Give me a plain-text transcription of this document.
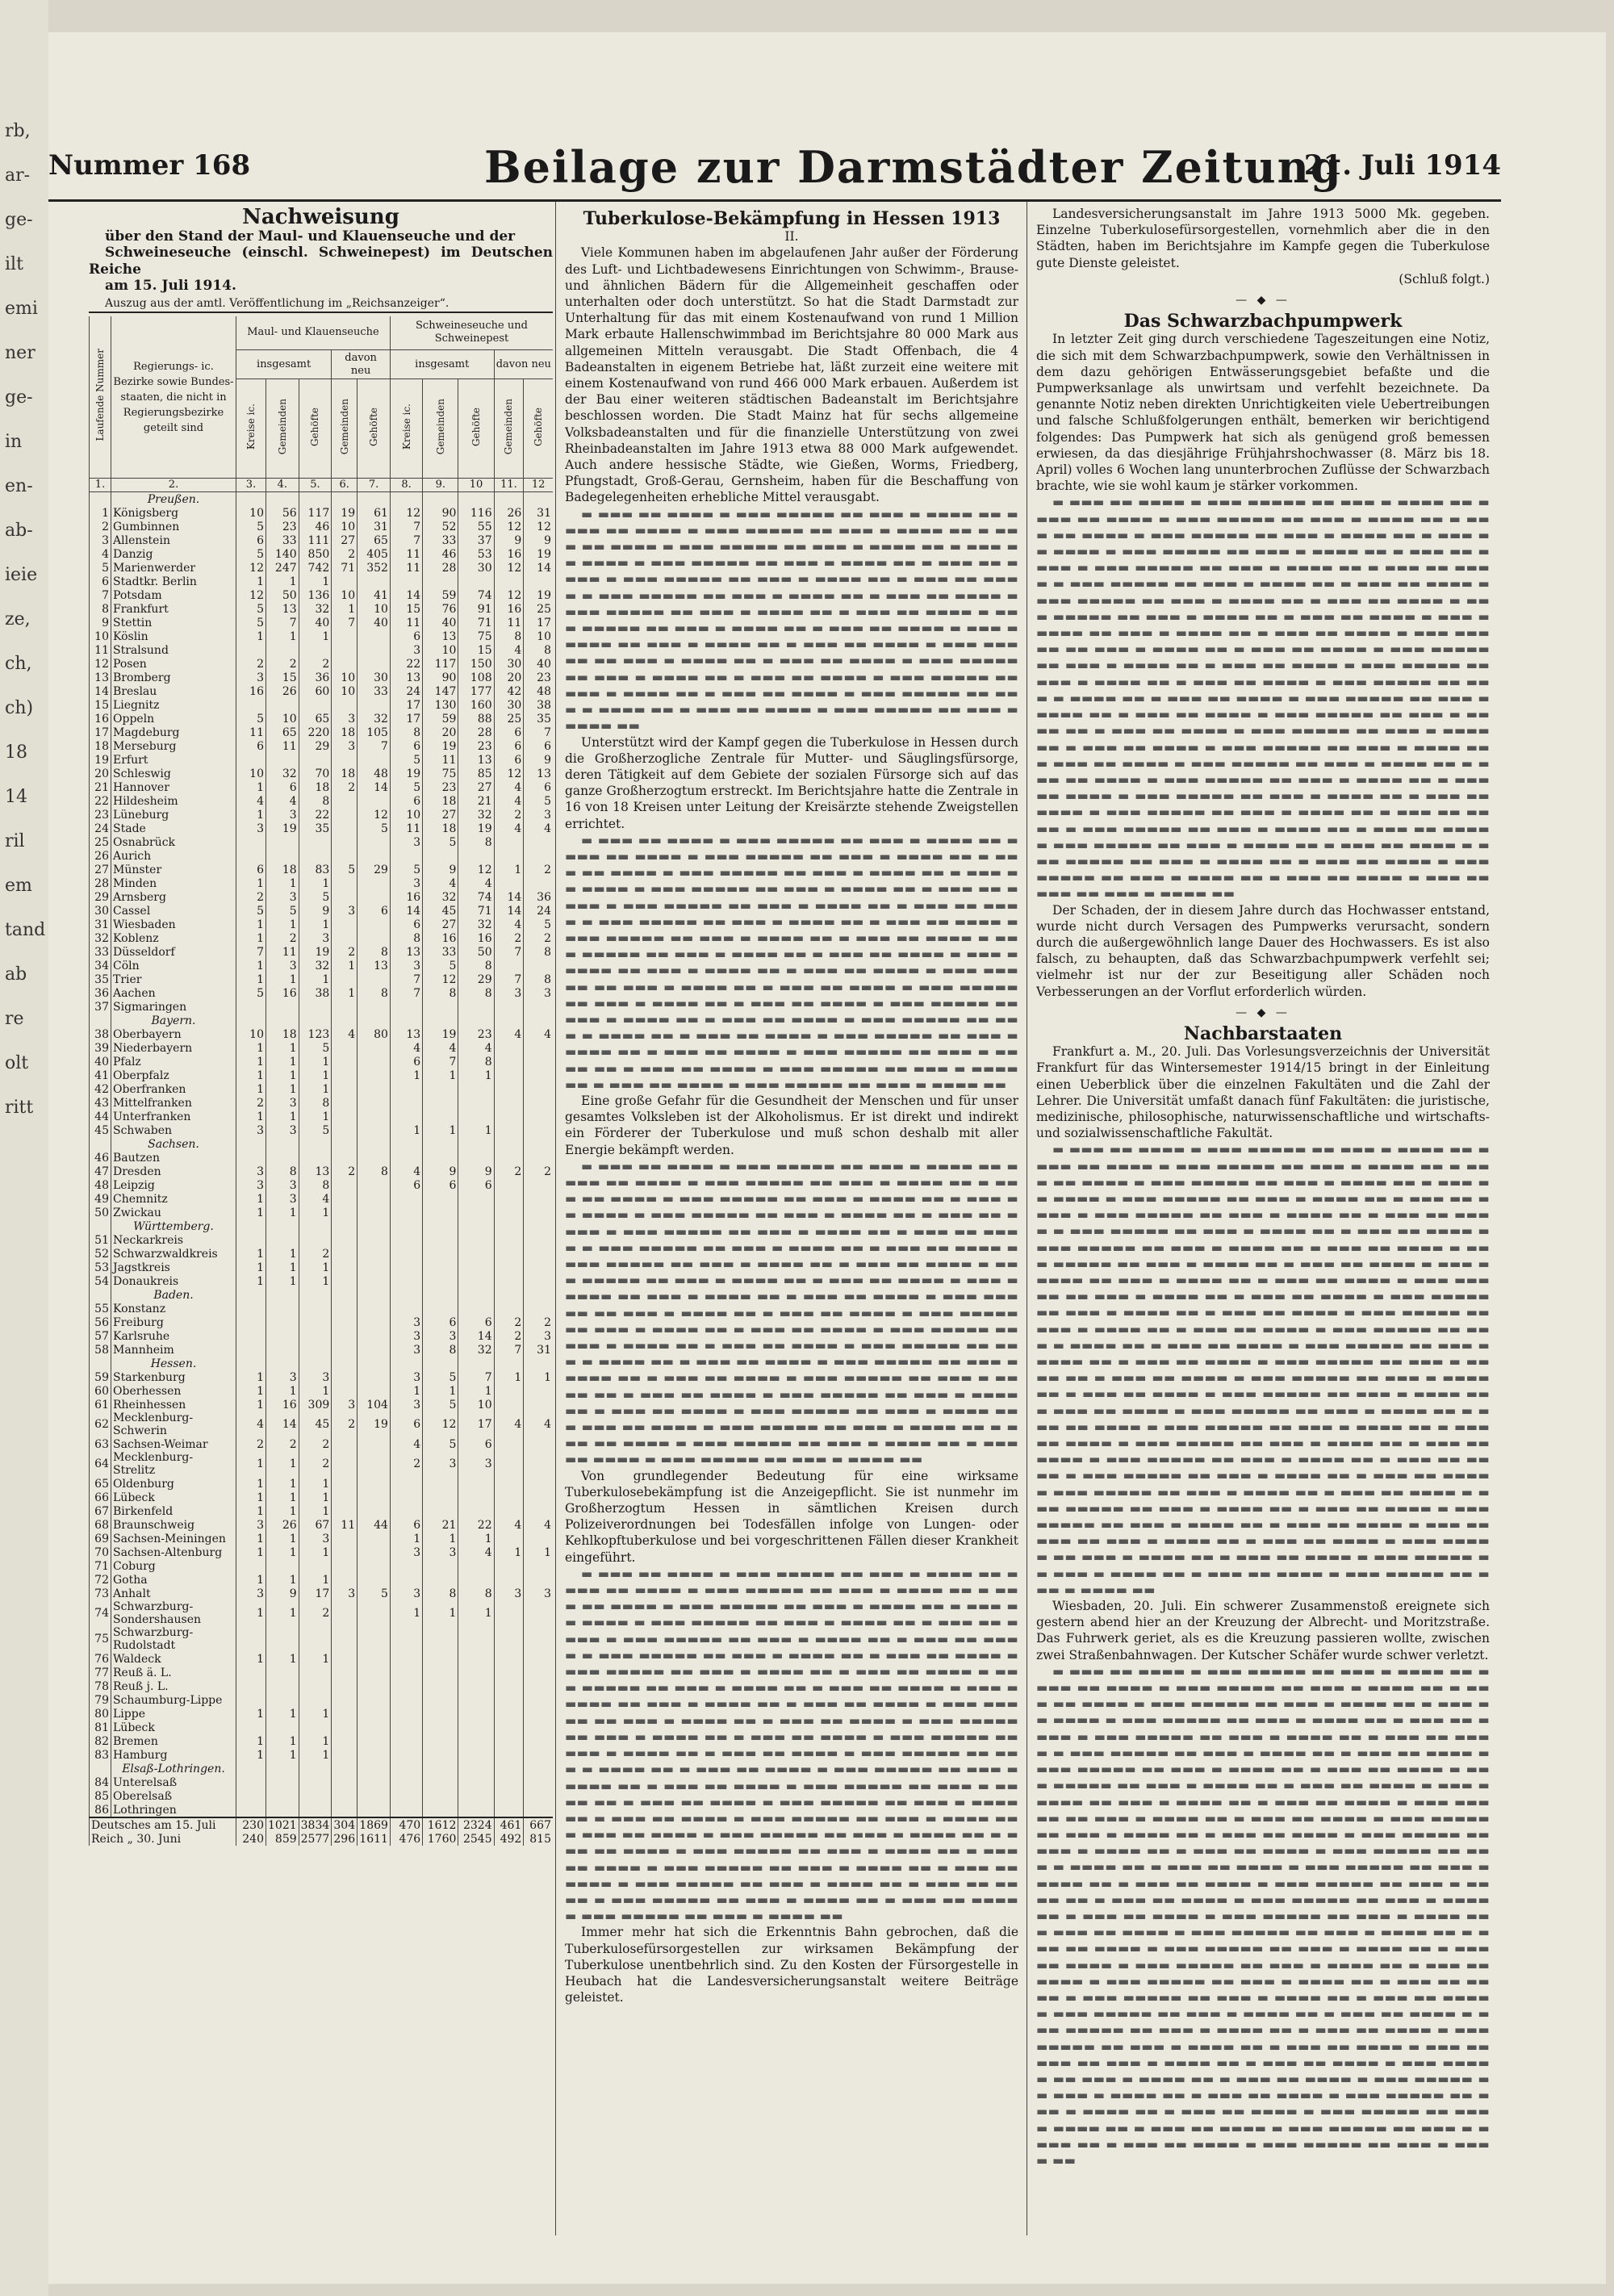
rb,
ar-
ge-
ilt
emi
ner
ge-
in
en-
ab-
ieie
ze,
ch,
ch)
18
14
ril
em
tand
ab
re
olt
ritt
Nummer 168	Beilage zur Darmstädter Zeitung
21. Juli 1914
Nachweisung

über den Stand der Maul- und Klauenseuche und der

Schweineseuche (einschl. Schweinepest) im Deutschen Reiche

am 15. Juli 1914.

Auszug aus der amtl. Veröffentlichung im „Reichsanzeiger“.

Laufende Nummer	Regierungs- ic. Bezirke sowie Bundes- staaten, die nicht in Regierungsbezirke geteilt sind	Maul- und Klauenseuche					Schweineseuche und Schweinepest				
		insgesamt			davon neu		insgesamt			davon neu	
		Kreise ic.	Gemeinden	Gehöfte	Gemeinden	Gehöfte	Kreise ic.	Gemeinden	Gehöfte	Gemeinden	Gehöfte
1.	2.	3.	4.	5.	6.	7.	8.	9.	10	11.	12
	Preußen.										
1	Königsberg	10	56	117	19	61	12	90	116	26	31
2	Gumbinnen	5	23	46	10	31	7	52	55	12	12
3	Allenstein	6	33	111	27	65	7	33	37	9	9
4	Danzig	5	140	850	2	405	11	46	53	16	19
5	Marienwerder	12	247	742	71	352	11	28	30	12	14
6	Stadtkr. Berlin	1	1	1							
7	Potsdam	12	50	136	10	41	14	59	74	12	19
8	Frankfurt	5	13	32	1	10	15	76	91	16	25
9	Stettin	5	7	40	7	40	11	40	71	11	17
10	Köslin	1	1	1			6	13	75	8	10
11	Stralsund						3	10	15	4	8
12	Posen	2	2	2			22	117	150	30	40
13	Bromberg	3	15	36	10	30	13	90	108	20	23
14	Breslau	16	26	60	10	33	24	147	177	42	48
15	Liegnitz						17	130	160	30	38
16	Oppeln	5	10	65	3	32	17	59	88	25	35
17	Magdeburg	11	65	220	18	105	8	20	28	6	7
18	Merseburg	6	11	29	3	7	6	19	23	6	6
19	Erfurt						5	11	13	6	9
20	Schleswig	10	32	70	18	48	19	75	85	12	13
21	Hannover	1	6	18	2	14	5	23	27	4	6
22	Hildesheim	4	4	8			6	18	21	4	5
23	Lüneburg	1	3	22		12	10	27	32	2	3
24	Stade	3	19	35		5	11	18	19	4	4
25	Osnabrück						3	5	8		
26	Aurich										
27	Münster	6	18	83	5	29	5	9	12	1	2
28	Minden	1	1	1			3	4	4		
29	Arnsberg	2	3	5			16	32	74	14	36
30	Cassel	5	5	9	3	6	14	45	71	14	24
31	Wiesbaden	1	1	1			6	27	32	4	5
32	Koblenz	1	2	3			8	16	16	2	2
33	Düsseldorf	7	11	19	2	8	13	33	50	7	8
34	Cöln	1	3	32	1	13	3	5	8		
35	Trier	1	1	1			7	12	29	7	8
36	Aachen	5	16	38	1	8	7	8	8	3	3
37	Sigmaringen										
	Bayern.										
38	Oberbayern	10	18	123	4	80	13	19	23	4	4
39	Niederbayern	1	1	5			4	4	4		
40	Pfalz	1	1	1			6	7	8		
41	Oberpfalz	1	1	1			1	1	1		
42	Oberfranken	1	1	1							
43	Mittelfranken	2	3	8							
44	Unterfranken	1	1	1							
45	Schwaben	3	3	5			1	1	1		
	Sachsen.										
46	Bautzen										
47	Dresden	3	8	13	2	8	4	9	9	2	2
48	Leipzig	3	3	8			6	6	6		
49	Chemnitz	1	3	4							
50	Zwickau	1	1	1							
	Württemberg.										
51	Neckarkreis										
52	Schwarzwaldkreis	1	1	2							
53	Jagstkreis	1	1	1							
54	Donaukreis	1	1	1							
	Baden.										
55	Konstanz										
56	Freiburg						3	6	6	2	2
57	Karlsruhe						3	3	14	2	3
58	Mannheim						3	8	32	7	31
	Hessen.										
59	Starkenburg	1	3	3			3	5	7	1	1
60	Oberhessen	1	1	1			1	1	1		
61	Rheinhessen	1	16	309	3	104	3	5	10		
62	Mecklenburg-Schwerin	4	14	45	2	19	6	12	17	4	4
63	Sachsen-Weimar	2	2	2			4	5	6		
64	Mecklenburg-Strelitz	1	1	2			2	3	3		
65	Oldenburg	1	1	1							
66	Lübeck	1	1	1							
67	Birkenfeld	1	1	1							
68	Braunschweig	3	26	67	11	44	6	21	22	4	4
69	Sachsen-Meiningen	1	1	3			1	1	1		
70	Sachsen-Altenburg	1	1	1			3	3	4	1	1
71	Coburg										
72	Gotha	1	1	1							
73	Anhalt	3	9	17	3	5	3	8	8	3	3
74	Schwarzburg-Sondershausen	1	1	2			1	1	1		
75	Schwarzburg-Rudolstadt										
76	Waldeck	1	1	1							
77	Reuß ä. L.										
78	Reuß j. L.										
79	Schaumburg-Lippe										
80	Lippe	1	1	1							
81	Lübeck										
82	Bremen	1	1	1							
83	Hamburg	1	1	1							
	Elsaß-Lothringen.										
84	Unterelsaß										
85	Oberelsaß										
86	Lothringen										
Deutsches am 15. Juli		230	1021	3834	304	1869	470	1612	2324	461	667
Reich „ 30. Juni		240	859	2577	296	1611	476	1760	2545	492	815
Tuberkulose-Bekämpfung in Hessen 1913
II.

Viele Kommunen haben im abgelaufenen Jahr außer der Förderung des Luft- und Lichtbadewesens Einrichtungen von Schwimm-, Brause- und ähnlichen Bädern für die Allgemeinheit geschaffen oder unterhalten oder doch unterstützt. So hat die Stadt Darmstadt zur Unterhaltung für das mit einem Kostenaufwand von rund 1 Million Mark erbaute Hallenschwimmbad im Berichtsjahre 80 000 Mark aus allgemeinen Mitteln verausgabt. Die Stadt Offenbach, die 4 Badeanstalten in eigenem Betriebe hat, läßt zurzeit eine weitere mit einem Kostenaufwand von rund 466 000 Mark erbauen. Außerdem ist der Bau einer weiteren städtischen Badeanstalt im Berichtsjahre beschlossen worden. Die Stadt Mainz hat für sechs allgemeine Volksbadeanstalten und für die finanzielle Unterstützung von zwei Rheinbadeanstalten im Jahre 1913 etwa 88 000 Mark aufgewendet. Auch andere hessische Städte, wie Gießen, Worms, Friedberg, Pfungstadt, Groß-Gerau, Gernsheim, haben für die Beschaffung von Badegelegenheiten erhebliche Mittel verausgabt.

▬ ▬▬▬ ▬▬ ▬▬▬▬ ▬ ▬▬▬ ▬▬▬▬▬ ▬▬ ▬▬▬ ▬ ▬▬▬▬ ▬▬ ▬ ▬▬▬ ▬▬ ▬▬▬▬ ▬ ▬▬▬ ▬▬▬▬▬ ▬▬ ▬▬▬ ▬ ▬▬▬▬ ▬▬ ▬ ▬▬▬ ▬▬ ▬▬▬▬ ▬ ▬▬▬ ▬▬▬▬▬ ▬▬ ▬▬▬ ▬ ▬▬▬▬ ▬▬ ▬ ▬▬▬ ▬▬ ▬▬▬▬ ▬ ▬▬▬ ▬▬▬▬▬ ▬▬ ▬▬▬ ▬ ▬▬▬▬ ▬▬ ▬ ▬▬▬ ▬▬ ▬▬▬▬ ▬ ▬▬▬ ▬▬▬▬▬ ▬▬ ▬▬▬ ▬ ▬▬▬▬ ▬▬ ▬ ▬▬▬ ▬▬ ▬▬▬▬ ▬ ▬▬▬ ▬▬▬▬▬ ▬▬ ▬▬▬ ▬ ▬▬▬▬ ▬▬ ▬ ▬▬▬ ▬▬ ▬▬▬▬ ▬ ▬▬▬ ▬▬▬▬▬ ▬▬ ▬▬▬ ▬ ▬▬▬▬ ▬▬ ▬ ▬▬▬ ▬▬ ▬▬▬▬ ▬ ▬▬▬ ▬▬▬▬▬ ▬▬ ▬▬▬ ▬ ▬▬▬▬ ▬▬ ▬ ▬▬▬ ▬▬ ▬▬▬▬ ▬ ▬▬▬ ▬▬▬▬▬ ▬▬ ▬▬▬ ▬ ▬▬▬▬ ▬▬ ▬ ▬▬▬ ▬▬ ▬▬▬▬ ▬ ▬▬▬ ▬▬▬▬▬ ▬▬ ▬▬▬ ▬ ▬▬▬▬ ▬▬ ▬ ▬▬▬ ▬▬ ▬▬▬▬ ▬ ▬▬▬ ▬▬▬▬▬ ▬▬ ▬▬▬ ▬ ▬▬▬▬ ▬▬ ▬ ▬▬▬ ▬▬ ▬▬▬▬ ▬ ▬▬▬ ▬▬▬▬▬ ▬▬ ▬▬▬ ▬ ▬▬▬▬ ▬▬ ▬ ▬▬▬ ▬▬ ▬▬▬▬ ▬ ▬▬▬ ▬▬▬▬▬ ▬▬ ▬▬▬ ▬ ▬▬▬▬ ▬▬ ▬ ▬▬▬ ▬▬ ▬▬▬▬ ▬ ▬▬▬ ▬▬▬▬▬ ▬▬ ▬▬▬ ▬ ▬▬▬▬ ▬▬

Unterstützt wird der Kampf gegen die Tuberkulose in Hessen durch die Großherzogliche Zentrale für Mutter- und Säuglingsfürsorge, deren Tätigkeit auf dem Gebiete der sozialen Fürsorge sich auf das ganze Großherzogtum erstreckt. Im Berichtsjahre hatte die Zentrale in 16 von 18 Kreisen unter Leitung der Kreisärzte stehende Zweigstellen errichtet.

▬ ▬▬▬ ▬▬ ▬▬▬▬ ▬ ▬▬▬ ▬▬▬▬▬ ▬▬ ▬▬▬ ▬ ▬▬▬▬ ▬▬ ▬ ▬▬▬ ▬▬ ▬▬▬▬ ▬ ▬▬▬ ▬▬▬▬▬ ▬▬ ▬▬▬ ▬ ▬▬▬▬ ▬▬ ▬ ▬▬▬ ▬▬ ▬▬▬▬ ▬ ▬▬▬ ▬▬▬▬▬ ▬▬ ▬▬▬ ▬ ▬▬▬▬ ▬▬ ▬ ▬▬▬ ▬▬ ▬▬▬▬ ▬ ▬▬▬ ▬▬▬▬▬ ▬▬ ▬▬▬ ▬ ▬▬▬▬ ▬▬ ▬ ▬▬▬ ▬▬ ▬▬▬▬ ▬ ▬▬▬ ▬▬▬▬▬ ▬▬ ▬▬▬ ▬ ▬▬▬▬ ▬▬ ▬ ▬▬▬ ▬▬ ▬▬▬▬ ▬ ▬▬▬ ▬▬▬▬▬ ▬▬ ▬▬▬ ▬ ▬▬▬▬ ▬▬ ▬ ▬▬▬ ▬▬ ▬▬▬▬ ▬ ▬▬▬ ▬▬▬▬▬ ▬▬ ▬▬▬ ▬ ▬▬▬▬ ▬▬ ▬ ▬▬▬ ▬▬ ▬▬▬▬ ▬ ▬▬▬ ▬▬▬▬▬ ▬▬ ▬▬▬ ▬ ▬▬▬▬ ▬▬ ▬ ▬▬▬ ▬▬ ▬▬▬▬ ▬ ▬▬▬ ▬▬▬▬▬ ▬▬ ▬▬▬ ▬ ▬▬▬▬ ▬▬ ▬ ▬▬▬ ▬▬ ▬▬▬▬ ▬ ▬▬▬ ▬▬▬▬▬ ▬▬ ▬▬▬ ▬ ▬▬▬▬ ▬▬ ▬ ▬▬▬ ▬▬ ▬▬▬▬ ▬ ▬▬▬ ▬▬▬▬▬ ▬▬ ▬▬▬ ▬ ▬▬▬▬ ▬▬ ▬ ▬▬▬ ▬▬ ▬▬▬▬ ▬ ▬▬▬ ▬▬▬▬▬ ▬▬ ▬▬▬ ▬ ▬▬▬▬ ▬▬ ▬ ▬▬▬ ▬▬ ▬▬▬▬ ▬ ▬▬▬ ▬▬▬▬▬ ▬▬ ▬▬▬ ▬ ▬▬▬▬ ▬▬ ▬ ▬▬▬ ▬▬ ▬▬▬▬ ▬ ▬▬▬ ▬▬▬▬▬ ▬▬ ▬▬▬ ▬ ▬▬▬▬ ▬▬ ▬ ▬▬▬ ▬▬ ▬▬▬▬ ▬ ▬▬▬ ▬▬▬▬▬ ▬▬ ▬▬▬ ▬ ▬▬▬▬ ▬▬ ▬ ▬▬▬ ▬▬ ▬▬▬▬ ▬ ▬▬▬ ▬▬▬▬▬ ▬▬ ▬▬▬ ▬ ▬▬▬▬ ▬▬ ▬ ▬▬▬ ▬▬ ▬▬▬▬ ▬ ▬▬▬ ▬▬▬▬▬ ▬▬ ▬▬▬ ▬ ▬▬▬▬ ▬▬

Eine große Gefahr für die Gesundheit der Menschen und für unser gesamtes Volksleben ist der Alkoholismus. Er ist direkt und indirekt ein Förderer der Tuberkulose und muß schon deshalb mit aller Energie bekämpft werden.

▬ ▬▬▬ ▬▬ ▬▬▬▬ ▬ ▬▬▬ ▬▬▬▬▬ ▬▬ ▬▬▬ ▬ ▬▬▬▬ ▬▬ ▬ ▬▬▬ ▬▬ ▬▬▬▬ ▬ ▬▬▬ ▬▬▬▬▬ ▬▬ ▬▬▬ ▬ ▬▬▬▬ ▬▬ ▬ ▬▬▬ ▬▬ ▬▬▬▬ ▬ ▬▬▬ ▬▬▬▬▬ ▬▬ ▬▬▬ ▬ ▬▬▬▬ ▬▬ ▬ ▬▬▬ ▬▬ ▬▬▬▬ ▬ ▬▬▬ ▬▬▬▬▬ ▬▬ ▬▬▬ ▬ ▬▬▬▬ ▬▬ ▬ ▬▬▬ ▬▬ ▬▬▬▬ ▬ ▬▬▬ ▬▬▬▬▬ ▬▬ ▬▬▬ ▬ ▬▬▬▬ ▬▬ ▬ ▬▬▬ ▬▬ ▬▬▬▬ ▬ ▬▬▬ ▬▬▬▬▬ ▬▬ ▬▬▬ ▬ ▬▬▬▬ ▬▬ ▬ ▬▬▬ ▬▬ ▬▬▬▬ ▬ ▬▬▬ ▬▬▬▬▬ ▬▬ ▬▬▬ ▬ ▬▬▬▬ ▬▬ ▬ ▬▬▬ ▬▬ ▬▬▬▬ ▬ ▬▬▬ ▬▬▬▬▬ ▬▬ ▬▬▬ ▬ ▬▬▬▬ ▬▬ ▬ ▬▬▬ ▬▬ ▬▬▬▬ ▬ ▬▬▬ ▬▬▬▬▬ ▬▬ ▬▬▬ ▬ ▬▬▬▬ ▬▬ ▬ ▬▬▬ ▬▬ ▬▬▬▬ ▬ ▬▬▬ ▬▬▬▬▬ ▬▬ ▬▬▬ ▬ ▬▬▬▬ ▬▬ ▬ ▬▬▬ ▬▬ ▬▬▬▬ ▬ ▬▬▬ ▬▬▬▬▬ ▬▬ ▬▬▬ ▬ ▬▬▬▬ ▬▬ ▬ ▬▬▬ ▬▬ ▬▬▬▬ ▬ ▬▬▬ ▬▬▬▬▬ ▬▬ ▬▬▬ ▬ ▬▬▬▬ ▬▬ ▬ ▬▬▬ ▬▬ ▬▬▬▬ ▬ ▬▬▬ ▬▬▬▬▬ ▬▬ ▬▬▬ ▬ ▬▬▬▬ ▬▬ ▬ ▬▬▬ ▬▬ ▬▬▬▬ ▬ ▬▬▬ ▬▬▬▬▬ ▬▬ ▬▬▬ ▬ ▬▬▬▬ ▬▬ ▬ ▬▬▬ ▬▬ ▬▬▬▬ ▬ ▬▬▬ ▬▬▬▬▬ ▬▬ ▬▬▬ ▬ ▬▬▬▬ ▬▬ ▬ ▬▬▬ ▬▬ ▬▬▬▬ ▬ ▬▬▬ ▬▬▬▬▬ ▬▬ ▬▬▬ ▬ ▬▬▬▬ ▬▬ ▬ ▬▬▬ ▬▬ ▬▬▬▬ ▬ ▬▬▬ ▬▬▬▬▬ ▬▬ ▬▬▬ ▬ ▬▬▬▬ ▬▬ ▬ ▬▬▬ ▬▬ ▬▬▬▬ ▬ ▬▬▬ ▬▬▬▬▬ ▬▬ ▬▬▬ ▬ ▬▬▬▬ ▬▬ ▬ ▬▬▬ ▬▬ ▬▬▬▬ ▬ ▬▬▬ ▬▬▬▬▬ ▬▬ ▬▬▬ ▬ ▬▬▬▬ ▬▬ ▬ ▬▬▬ ▬▬ ▬▬▬▬ ▬ ▬▬▬ ▬▬▬▬▬ ▬▬ ▬▬▬ ▬ ▬▬▬▬ ▬▬

Von grundlegender Bedeutung für eine wirksame Tuberkulosebekämpfung ist die Anzeigepflicht. Sie ist nunmehr im Großherzogtum Hessen in sämtlichen Kreisen durch Polizeiverordnungen bei Todesfällen infolge von Lungen- oder Kehlkopftuberkulose und bei vorgeschrittenen Fällen dieser Krankheit eingeführt.

▬ ▬▬▬ ▬▬ ▬▬▬▬ ▬ ▬▬▬ ▬▬▬▬▬ ▬▬ ▬▬▬ ▬ ▬▬▬▬ ▬▬ ▬ ▬▬▬ ▬▬ ▬▬▬▬ ▬ ▬▬▬ ▬▬▬▬▬ ▬▬ ▬▬▬ ▬ ▬▬▬▬ ▬▬ ▬ ▬▬▬ ▬▬ ▬▬▬▬ ▬ ▬▬▬ ▬▬▬▬▬ ▬▬ ▬▬▬ ▬ ▬▬▬▬ ▬▬ ▬ ▬▬▬ ▬▬ ▬▬▬▬ ▬ ▬▬▬ ▬▬▬▬▬ ▬▬ ▬▬▬ ▬ ▬▬▬▬ ▬▬ ▬ ▬▬▬ ▬▬ ▬▬▬▬ ▬ ▬▬▬ ▬▬▬▬▬ ▬▬ ▬▬▬ ▬ ▬▬▬▬ ▬▬ ▬ ▬▬▬ ▬▬ ▬▬▬▬ ▬ ▬▬▬ ▬▬▬▬▬ ▬▬ ▬▬▬ ▬ ▬▬▬▬ ▬▬ ▬ ▬▬▬ ▬▬ ▬▬▬▬ ▬ ▬▬▬ ▬▬▬▬▬ ▬▬ ▬▬▬ ▬ ▬▬▬▬ ▬▬ ▬ ▬▬▬ ▬▬ ▬▬▬▬ ▬ ▬▬▬ ▬▬▬▬▬ ▬▬ ▬▬▬ ▬ ▬▬▬▬ ▬▬ ▬ ▬▬▬ ▬▬ ▬▬▬▬ ▬ ▬▬▬ ▬▬▬▬▬ ▬▬ ▬▬▬ ▬ ▬▬▬▬ ▬▬ ▬ ▬▬▬ ▬▬ ▬▬▬▬ ▬ ▬▬▬ ▬▬▬▬▬ ▬▬ ▬▬▬ ▬ ▬▬▬▬ ▬▬ ▬ ▬▬▬ ▬▬ ▬▬▬▬ ▬ ▬▬▬ ▬▬▬▬▬ ▬▬ ▬▬▬ ▬ ▬▬▬▬ ▬▬ ▬ ▬▬▬ ▬▬ ▬▬▬▬ ▬ ▬▬▬ ▬▬▬▬▬ ▬▬ ▬▬▬ ▬ ▬▬▬▬ ▬▬ ▬ ▬▬▬ ▬▬ ▬▬▬▬ ▬ ▬▬▬ ▬▬▬▬▬ ▬▬ ▬▬▬ ▬ ▬▬▬▬ ▬▬ ▬ ▬▬▬ ▬▬ ▬▬▬▬ ▬ ▬▬▬ ▬▬▬▬▬ ▬▬ ▬▬▬ ▬ ▬▬▬▬ ▬▬ ▬ ▬▬▬ ▬▬ ▬▬▬▬ ▬ ▬▬▬ ▬▬▬▬▬ ▬▬ ▬▬▬ ▬ ▬▬▬▬ ▬▬ ▬ ▬▬▬ ▬▬ ▬▬▬▬ ▬ ▬▬▬ ▬▬▬▬▬ ▬▬ ▬▬▬ ▬ ▬▬▬▬ ▬▬ ▬ ▬▬▬ ▬▬ ▬▬▬▬ ▬ ▬▬▬ ▬▬▬▬▬ ▬▬ ▬▬▬ ▬ ▬▬▬▬ ▬▬ ▬ ▬▬▬ ▬▬ ▬▬▬▬ ▬ ▬▬▬ ▬▬▬▬▬ ▬▬ ▬▬▬ ▬ ▬▬▬▬ ▬▬ ▬ ▬▬▬ ▬▬ ▬▬▬▬ ▬ ▬▬▬ ▬▬▬▬▬ ▬▬ ▬▬▬ ▬ ▬▬▬▬ ▬▬ ▬ ▬▬▬ ▬▬ ▬▬▬▬ ▬ ▬▬▬ ▬▬▬▬▬ ▬▬ ▬▬▬ ▬ ▬▬▬▬ ▬▬ ▬ ▬▬▬ ▬▬ ▬▬▬▬ ▬ ▬▬▬ ▬▬▬▬▬ ▬▬ ▬▬▬ ▬ ▬▬▬▬ ▬▬ ▬ ▬▬▬ ▬▬ ▬▬▬▬ ▬ ▬▬▬ ▬▬▬▬▬ ▬▬ ▬▬▬ ▬ ▬▬▬▬ ▬▬ ▬ ▬▬▬ ▬▬ ▬▬▬▬ ▬ ▬▬▬ ▬▬▬▬▬ ▬▬ ▬▬▬ ▬ ▬▬▬▬ ▬▬

Immer mehr hat sich die Erkenntnis Bahn gebrochen, daß die Tuberkulosefürsorgestellen zur wirksamen Bekämpfung der Tuberkulose unentbehrlich sind. Zu den Kosten der Fürsorgestelle in Heubach hat die Landesversicherungsanstalt weitere Beiträge geleistet.

Landesversicherungsanstalt im Jahre 1913 5000 Mk. gegeben. Einzelne Tuberkulosefürsorgestellen, vornehmlich aber die in den Städten, haben im Berichtsjahre im Kampfe gegen die Tuberkulose gute Dienste geleistet.

(Schluß folgt.)
— ◆ —
Das Schwarzbachpumpwerk

In letzter Zeit ging durch verschiedene Tageszeitungen eine Notiz, die sich mit dem Schwarzbachpumpwerk, sowie den Verhältnissen in dem dazu gehörigen Entwässerungsgebiet befaßte und die Pumpwerksanlage als unwirtsam und verfehlt bezeichnete. Da genannte Notiz neben direkten Unrichtigkeiten viele Uebertreibungen und falsche Schlußfolgerungen enthält, bemerken wir berichtigend folgendes: Das Pumpwerk hat sich als genügend groß bemessen erwiesen, da das diesjährige Frühjahrshochwasser (8. März bis 18. April) volles 6 Wochen lang ununterbrochen Zuflüsse der Schwarzbach brachte, wie sie wohl kaum je stärker vorkommen.

▬ ▬▬▬ ▬▬ ▬▬▬▬ ▬ ▬▬▬ ▬▬▬▬▬ ▬▬ ▬▬▬ ▬ ▬▬▬▬ ▬▬ ▬ ▬▬▬ ▬▬ ▬▬▬▬ ▬ ▬▬▬ ▬▬▬▬▬ ▬▬ ▬▬▬ ▬ ▬▬▬▬ ▬▬ ▬ ▬▬▬ ▬▬ ▬▬▬▬ ▬ ▬▬▬ ▬▬▬▬▬ ▬▬ ▬▬▬ ▬ ▬▬▬▬ ▬▬ ▬ ▬▬▬ ▬▬ ▬▬▬▬ ▬ ▬▬▬ ▬▬▬▬▬ ▬▬ ▬▬▬ ▬ ▬▬▬▬ ▬▬ ▬ ▬▬▬ ▬▬ ▬▬▬▬ ▬ ▬▬▬ ▬▬▬▬▬ ▬▬ ▬▬▬ ▬ ▬▬▬▬ ▬▬ ▬ ▬▬▬ ▬▬ ▬▬▬▬ ▬ ▬▬▬ ▬▬▬▬▬ ▬▬ ▬▬▬ ▬ ▬▬▬▬ ▬▬ ▬ ▬▬▬ ▬▬ ▬▬▬▬ ▬ ▬▬▬ ▬▬▬▬▬ ▬▬ ▬▬▬ ▬ ▬▬▬▬ ▬▬ ▬ ▬▬▬ ▬▬ ▬▬▬▬ ▬ ▬▬▬ ▬▬▬▬▬ ▬▬ ▬▬▬ ▬ ▬▬▬▬ ▬▬ ▬ ▬▬▬ ▬▬ ▬▬▬▬ ▬ ▬▬▬ ▬▬▬▬▬ ▬▬ ▬▬▬ ▬ ▬▬▬▬ ▬▬ ▬ ▬▬▬ ▬▬ ▬▬▬▬ ▬ ▬▬▬ ▬▬▬▬▬ ▬▬ ▬▬▬ ▬ ▬▬▬▬ ▬▬ ▬ ▬▬▬ ▬▬ ▬▬▬▬ ▬ ▬▬▬ ▬▬▬▬▬ ▬▬ ▬▬▬ ▬ ▬▬▬▬ ▬▬ ▬ ▬▬▬ ▬▬ ▬▬▬▬ ▬ ▬▬▬ ▬▬▬▬▬ ▬▬ ▬▬▬ ▬ ▬▬▬▬ ▬▬ ▬ ▬▬▬ ▬▬ ▬▬▬▬ ▬ ▬▬▬ ▬▬▬▬▬ ▬▬ ▬▬▬ ▬ ▬▬▬▬ ▬▬ ▬ ▬▬▬ ▬▬ ▬▬▬▬ ▬ ▬▬▬ ▬▬▬▬▬ ▬▬ ▬▬▬ ▬ ▬▬▬▬ ▬▬ ▬ ▬▬▬ ▬▬ ▬▬▬▬ ▬ ▬▬▬ ▬▬▬▬▬ ▬▬ ▬▬▬ ▬ ▬▬▬▬ ▬▬ ▬ ▬▬▬ ▬▬ ▬▬▬▬ ▬ ▬▬▬ ▬▬▬▬▬ ▬▬ ▬▬▬ ▬ ▬▬▬▬ ▬▬ ▬ ▬▬▬ ▬▬ ▬▬▬▬ ▬ ▬▬▬ ▬▬▬▬▬ ▬▬ ▬▬▬ ▬ ▬▬▬▬ ▬▬ ▬ ▬▬▬ ▬▬ ▬▬▬▬ ▬ ▬▬▬ ▬▬▬▬▬ ▬▬ ▬▬▬ ▬ ▬▬▬▬ ▬▬ ▬ ▬▬▬ ▬▬ ▬▬▬▬ ▬ ▬▬▬ ▬▬▬▬▬ ▬▬ ▬▬▬ ▬ ▬▬▬▬ ▬▬ ▬ ▬▬▬ ▬▬ ▬▬▬▬ ▬ ▬▬▬ ▬▬▬▬▬ ▬▬ ▬▬▬ ▬ ▬▬▬▬ ▬▬ ▬ ▬▬▬ ▬▬ ▬▬▬▬ ▬ ▬▬▬ ▬▬▬▬▬ ▬▬ ▬▬▬ ▬ ▬▬▬▬ ▬▬ ▬ ▬▬▬ ▬▬ ▬▬▬▬ ▬ ▬▬▬ ▬▬▬▬▬ ▬▬ ▬▬▬ ▬ ▬▬▬▬ ▬▬ ▬ ▬▬▬ ▬▬ ▬▬▬▬ ▬ ▬▬▬ ▬▬▬▬▬ ▬▬ ▬▬▬ ▬ ▬▬▬▬ ▬▬ ▬ ▬▬▬ ▬▬ ▬▬▬▬ ▬ ▬▬▬ ▬▬▬▬▬ ▬▬ ▬▬▬ ▬ ▬▬▬▬ ▬▬ ▬ ▬▬▬ ▬▬ ▬▬▬▬ ▬ ▬▬▬ ▬▬▬▬▬ ▬▬ ▬▬▬ ▬ ▬▬▬▬ ▬▬ ▬ ▬▬▬ ▬▬ ▬▬▬▬ ▬ ▬▬▬ ▬▬▬▬▬ ▬▬ ▬▬▬ ▬ ▬▬▬▬ ▬▬

Der Schaden, der in diesem Jahre durch das Hochwasser entstand, wurde nicht durch Versagen des Pumpwerks verursacht, sondern durch die außergewöhnlich lange Dauer des Hochwassers. Es ist also falsch, zu behaupten, daß das Schwarzbachpumpwerk verfehlt sei; vielmehr ist nur der zur Beseitigung aller Schäden noch Verbesserungen an der Vorflut erforderlich würden.

— ◆ —
Nachbarstaaten

Frankfurt a. M., 20. Juli. Das Vorlesungsverzeichnis der Universität Frankfurt für das Wintersemester 1914/15 bringt in der Einleitung einen Ueberblick über die einzelnen Fakultäten und die Zahl der Lehrer. Die Universität umfaßt danach fünf Fakultäten: die juristische, medizinische, philosophische, naturwissenschaftliche und wirtschafts- und sozialwissenschaftliche Fakultät.

▬ ▬▬▬ ▬▬ ▬▬▬▬ ▬ ▬▬▬ ▬▬▬▬▬ ▬▬ ▬▬▬ ▬ ▬▬▬▬ ▬▬ ▬ ▬▬▬ ▬▬ ▬▬▬▬ ▬ ▬▬▬ ▬▬▬▬▬ ▬▬ ▬▬▬ ▬ ▬▬▬▬ ▬▬ ▬ ▬▬▬ ▬▬ ▬▬▬▬ ▬ ▬▬▬ ▬▬▬▬▬ ▬▬ ▬▬▬ ▬ ▬▬▬▬ ▬▬ ▬ ▬▬▬ ▬▬ ▬▬▬▬ ▬ ▬▬▬ ▬▬▬▬▬ ▬▬ ▬▬▬ ▬ ▬▬▬▬ ▬▬ ▬ ▬▬▬ ▬▬ ▬▬▬▬ ▬ ▬▬▬ ▬▬▬▬▬ ▬▬ ▬▬▬ ▬ ▬▬▬▬ ▬▬ ▬ ▬▬▬ ▬▬ ▬▬▬▬ ▬ ▬▬▬ ▬▬▬▬▬ ▬▬ ▬▬▬ ▬ ▬▬▬▬ ▬▬ ▬ ▬▬▬ ▬▬ ▬▬▬▬ ▬ ▬▬▬ ▬▬▬▬▬ ▬▬ ▬▬▬ ▬ ▬▬▬▬ ▬▬ ▬ ▬▬▬ ▬▬ ▬▬▬▬ ▬ ▬▬▬ ▬▬▬▬▬ ▬▬ ▬▬▬ ▬ ▬▬▬▬ ▬▬ ▬ ▬▬▬ ▬▬ ▬▬▬▬ ▬ ▬▬▬ ▬▬▬▬▬ ▬▬ ▬▬▬ ▬ ▬▬▬▬ ▬▬ ▬ ▬▬▬ ▬▬ ▬▬▬▬ ▬ ▬▬▬ ▬▬▬▬▬ ▬▬ ▬▬▬ ▬ ▬▬▬▬ ▬▬ ▬ ▬▬▬ ▬▬ ▬▬▬▬ ▬ ▬▬▬ ▬▬▬▬▬ ▬▬ ▬▬▬ ▬ ▬▬▬▬ ▬▬ ▬ ▬▬▬ ▬▬ ▬▬▬▬ ▬ ▬▬▬ ▬▬▬▬▬ ▬▬ ▬▬▬ ▬ ▬▬▬▬ ▬▬ ▬ ▬▬▬ ▬▬ ▬▬▬▬ ▬ ▬▬▬ ▬▬▬▬▬ ▬▬ ▬▬▬ ▬ ▬▬▬▬ ▬▬ ▬ ▬▬▬ ▬▬ ▬▬▬▬ ▬ ▬▬▬ ▬▬▬▬▬ ▬▬ ▬▬▬ ▬ ▬▬▬▬ ▬▬ ▬ ▬▬▬ ▬▬ ▬▬▬▬ ▬ ▬▬▬ ▬▬▬▬▬ ▬▬ ▬▬▬ ▬ ▬▬▬▬ ▬▬ ▬ ▬▬▬ ▬▬ ▬▬▬▬ ▬ ▬▬▬ ▬▬▬▬▬ ▬▬ ▬▬▬ ▬ ▬▬▬▬ ▬▬ ▬ ▬▬▬ ▬▬ ▬▬▬▬ ▬ ▬▬▬ ▬▬▬▬▬ ▬▬ ▬▬▬ ▬ ▬▬▬▬ ▬▬ ▬ ▬▬▬ ▬▬ ▬▬▬▬ ▬ ▬▬▬ ▬▬▬▬▬ ▬▬ ▬▬▬ ▬ ▬▬▬▬ ▬▬ ▬ ▬▬▬ ▬▬ ▬▬▬▬ ▬ ▬▬▬ ▬▬▬▬▬ ▬▬ ▬▬▬ ▬ ▬▬▬▬ ▬▬ ▬ ▬▬▬ ▬▬ ▬▬▬▬ ▬ ▬▬▬ ▬▬▬▬▬ ▬▬ ▬▬▬ ▬ ▬▬▬▬ ▬▬ ▬ ▬▬▬ ▬▬ ▬▬▬▬ ▬ ▬▬▬ ▬▬▬▬▬ ▬▬ ▬▬▬ ▬ ▬▬▬▬ ▬▬ ▬ ▬▬▬ ▬▬ ▬▬▬▬ ▬ ▬▬▬ ▬▬▬▬▬ ▬▬ ▬▬▬ ▬ ▬▬▬▬ ▬▬ ▬ ▬▬▬ ▬▬ ▬▬▬▬ ▬ ▬▬▬ ▬▬▬▬▬ ▬▬ ▬▬▬ ▬ ▬▬▬▬ ▬▬ ▬ ▬▬▬ ▬▬ ▬▬▬▬ ▬ ▬▬▬ ▬▬▬▬▬ ▬▬ ▬▬▬ ▬ ▬▬▬▬ ▬▬ ▬ ▬▬▬ ▬▬ ▬▬▬▬ ▬ ▬▬▬ ▬▬▬▬▬ ▬▬ ▬▬▬ ▬ ▬▬▬▬ ▬▬ ▬ ▬▬▬ ▬▬ ▬▬▬▬ ▬ ▬▬▬ ▬▬▬▬▬ ▬▬ ▬▬▬ ▬ ▬▬▬▬ ▬▬ ▬ ▬▬▬ ▬▬ ▬▬▬▬ ▬ ▬▬▬ ▬▬▬▬▬ ▬▬ ▬▬▬ ▬ ▬▬▬▬ ▬▬ ▬ ▬▬▬ ▬▬ ▬▬▬▬ ▬ ▬▬▬ ▬▬▬▬▬ ▬▬ ▬▬▬ ▬ ▬▬▬▬ ▬▬ ▬ ▬▬▬ ▬▬ ▬▬▬▬ ▬ ▬▬▬ ▬▬▬▬▬ ▬▬ ▬▬▬ ▬ ▬▬▬▬ ▬▬

Wiesbaden, 20. Juli. Ein schwerer Zusammenstoß ereignete sich gestern abend hier an der Kreuzung der Albrecht- und Moritzstraße. Das Fuhrwerk geriet, als es die Kreuzung passieren wollte, zwischen zwei Straßenbahnwagen. Der Kutscher Schäfer wurde schwer verletzt.

▬ ▬▬▬ ▬▬ ▬▬▬▬ ▬ ▬▬▬ ▬▬▬▬▬ ▬▬ ▬▬▬ ▬ ▬▬▬▬ ▬▬ ▬ ▬▬▬ ▬▬ ▬▬▬▬ ▬ ▬▬▬ ▬▬▬▬▬ ▬▬ ▬▬▬ ▬ ▬▬▬▬ ▬▬ ▬ ▬▬▬ ▬▬ ▬▬▬▬ ▬ ▬▬▬ ▬▬▬▬▬ ▬▬ ▬▬▬ ▬ ▬▬▬▬ ▬▬ ▬ ▬▬▬ ▬▬ ▬▬▬▬ ▬ ▬▬▬ ▬▬▬▬▬ ▬▬ ▬▬▬ ▬ ▬▬▬▬ ▬▬ ▬ ▬▬▬ ▬▬ ▬▬▬▬ ▬ ▬▬▬ ▬▬▬▬▬ ▬▬ ▬▬▬ ▬ ▬▬▬▬ ▬▬ ▬ ▬▬▬ ▬▬ ▬▬▬▬ ▬ ▬▬▬ ▬▬▬▬▬ ▬▬ ▬▬▬ ▬ ▬▬▬▬ ▬▬ ▬ ▬▬▬ ▬▬ ▬▬▬▬ ▬ ▬▬▬ ▬▬▬▬▬ ▬▬ ▬▬▬ ▬ ▬▬▬▬ ▬▬ ▬ ▬▬▬ ▬▬ ▬▬▬▬ ▬ ▬▬▬ ▬▬▬▬▬ ▬▬ ▬▬▬ ▬ ▬▬▬▬ ▬▬ ▬ ▬▬▬ ▬▬ ▬▬▬▬ ▬ ▬▬▬ ▬▬▬▬▬ ▬▬ ▬▬▬ ▬ ▬▬▬▬ ▬▬ ▬ ▬▬▬ ▬▬ ▬▬▬▬ ▬ ▬▬▬ ▬▬▬▬▬ ▬▬ ▬▬▬ ▬ ▬▬▬▬ ▬▬ ▬ ▬▬▬ ▬▬ ▬▬▬▬ ▬ ▬▬▬ ▬▬▬▬▬ ▬▬ ▬▬▬ ▬ ▬▬▬▬ ▬▬ ▬ ▬▬▬ ▬▬ ▬▬▬▬ ▬ ▬▬▬ ▬▬▬▬▬ ▬▬ ▬▬▬ ▬ ▬▬▬▬ ▬▬ ▬ ▬▬▬ ▬▬ ▬▬▬▬ ▬ ▬▬▬ ▬▬▬▬▬ ▬▬ ▬▬▬ ▬ ▬▬▬▬ ▬▬ ▬ ▬▬▬ ▬▬ ▬▬▬▬ ▬ ▬▬▬ ▬▬▬▬▬ ▬▬ ▬▬▬ ▬ ▬▬▬▬ ▬▬ ▬ ▬▬▬ ▬▬ ▬▬▬▬ ▬ ▬▬▬ ▬▬▬▬▬ ▬▬ ▬▬▬ ▬ ▬▬▬▬ ▬▬ ▬ ▬▬▬ ▬▬ ▬▬▬▬ ▬ ▬▬▬ ▬▬▬▬▬ ▬▬ ▬▬▬ ▬ ▬▬▬▬ ▬▬ ▬ ▬▬▬ ▬▬ ▬▬▬▬ ▬ ▬▬▬ ▬▬▬▬▬ ▬▬ ▬▬▬ ▬ ▬▬▬▬ ▬▬ ▬ ▬▬▬ ▬▬ ▬▬▬▬ ▬ ▬▬▬ ▬▬▬▬▬ ▬▬ ▬▬▬ ▬ ▬▬▬▬ ▬▬ ▬ ▬▬▬ ▬▬ ▬▬▬▬ ▬ ▬▬▬ ▬▬▬▬▬ ▬▬ ▬▬▬ ▬ ▬▬▬▬ ▬▬ ▬ ▬▬▬ ▬▬ ▬▬▬▬ ▬ ▬▬▬ ▬▬▬▬▬ ▬▬ ▬▬▬ ▬ ▬▬▬▬ ▬▬ ▬ ▬▬▬ ▬▬ ▬▬▬▬ ▬ ▬▬▬ ▬▬▬▬▬ ▬▬ ▬▬▬ ▬ ▬▬▬▬ ▬▬ ▬ ▬▬▬ ▬▬ ▬▬▬▬ ▬ ▬▬▬ ▬▬▬▬▬ ▬▬ ▬▬▬ ▬ ▬▬▬▬ ▬▬ ▬ ▬▬▬ ▬▬ ▬▬▬▬ ▬ ▬▬▬ ▬▬▬▬▬ ▬▬ ▬▬▬ ▬ ▬▬▬▬ ▬▬ ▬ ▬▬▬ ▬▬ ▬▬▬▬ ▬ ▬▬▬ ▬▬▬▬▬ ▬▬ ▬▬▬ ▬ ▬▬▬▬ ▬▬ ▬ ▬▬▬ ▬▬ ▬▬▬▬ ▬ ▬▬▬ ▬▬▬▬▬ ▬▬ ▬▬▬ ▬ ▬▬▬▬ ▬▬ ▬ ▬▬▬ ▬▬ ▬▬▬▬ ▬ ▬▬▬ ▬▬▬▬▬ ▬▬ ▬▬▬ ▬ ▬▬▬▬ ▬▬ ▬ ▬▬▬ ▬▬ ▬▬▬▬ ▬ ▬▬▬ ▬▬▬▬▬ ▬▬ ▬▬▬ ▬ ▬▬▬▬ ▬▬ ▬ ▬▬▬ ▬▬ ▬▬▬▬ ▬ ▬▬▬ ▬▬▬▬▬ ▬▬ ▬▬▬ ▬ ▬▬▬▬ ▬▬ ▬ ▬▬▬ ▬▬ ▬▬▬▬ ▬ ▬▬▬ ▬▬▬▬▬ ▬▬ ▬▬▬ ▬ ▬▬▬▬ ▬▬ ▬ ▬▬▬ ▬▬ ▬▬▬▬ ▬ ▬▬▬ ▬▬▬▬▬ ▬▬ ▬▬▬ ▬ ▬▬▬▬ ▬▬ ▬ ▬▬▬ ▬▬ ▬▬▬▬ ▬ ▬▬▬ ▬▬▬▬▬ ▬▬ ▬▬▬ ▬ ▬▬▬▬ ▬▬ ▬ ▬▬▬ ▬▬ ▬▬▬▬ ▬ ▬▬▬ ▬▬▬▬▬ ▬▬ ▬▬▬ ▬ ▬▬▬▬ ▬▬
